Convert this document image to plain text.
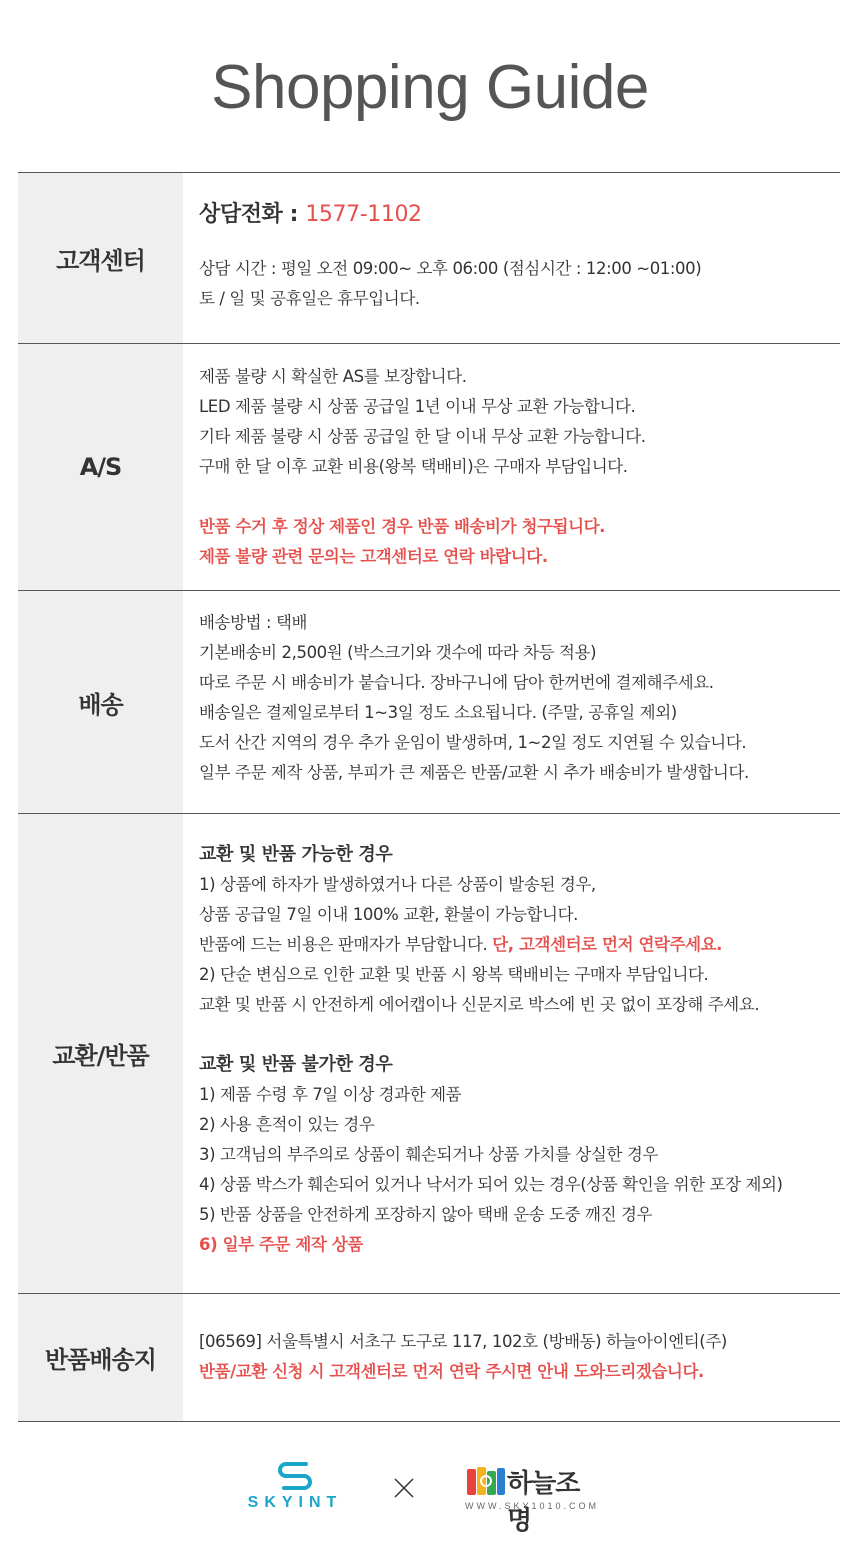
Shopping Guide
고객센터
상담전화 : 1577-1102
상담 시간 : 평일 오전 09:00~ 오후 06:00 (점심시간 : 12:00 ~01:00)
토 / 일 및 공휴일은 휴무입니다.
A/S
제품 불량 시 확실한 AS를 보장합니다.
LED 제품 불량 시 상품 공급일 1년 이내 무상 교환 가능합니다.
기타 제품 불량 시 상품 공급일 한 달 이내 무상 교환 가능합니다.
구매 한 달 이후 교환 비용(왕복 택배비)은 구매자 부담입니다.
반품 수거 후 정상 제품인 경우 반품 배송비가 청구됩니다.
제품 불량 관련 문의는 고객센터로 연락 바랍니다.
배송
배송방법 : 택배
기본배송비 2,500원 (박스크기와 갯수에 따라 차등 적용)
따로 주문 시 배송비가 붙습니다. 장바구니에 담아 한꺼번에 결제해주세요.
배송일은 결제일로부터 1~3일 정도 소요됩니다. (주말, 공휴일 제외)
도서 산간 지역의 경우 추가 운임이 발생하며, 1~2일 정도 지연될 수 있습니다.
일부 주문 제작 상품, 부피가 큰 제품은 반품/교환 시 추가 배송비가 발생합니다.
교환/반품
교환 및 반품 가능한 경우
1) 상품에 하자가 발생하였거나 다른 상품이 발송된 경우,
상품 공급일 7일 이내 100% 교환, 환불이 가능합니다.
반품에 드는 비용은 판매자가 부담합니다. 단, 고객센터로 먼저 연락주세요.
2) 단순 변심으로 인한 교환 및 반품 시 왕복 택배비는 구매자 부담입니다.
교환 및 반품 시 안전하게 에어캡이나 신문지로 박스에 빈 곳 없이 포장해 주세요.
교환 및 반품 불가한 경우
1) 제품 수령 후 7일 이상 경과한 제품
2) 사용 흔적이 있는 경우
3) 고객님의 부주의로 상품이 훼손되거나 상품 가치를 상실한 경우
4) 상품 박스가 훼손되어 있거나 낙서가 되어 있는 경우(상품 확인을 위한 포장 제외)
5) 반품 상품을 안전하게 포장하지 않아 택배 운송 도중 깨진 경우
6) 일부 주문 제작 상품
반품배송지
[06569] 서울특별시 서초구 도구로 117, 102호 (방배동) 하늘아이엔티(주)
반품/교환 신청 시 고객센터로 먼저 연락 주시면 안내 도와드리겠습니다.
SKYINT
하늘조명
WWW.SKY1010.COM
